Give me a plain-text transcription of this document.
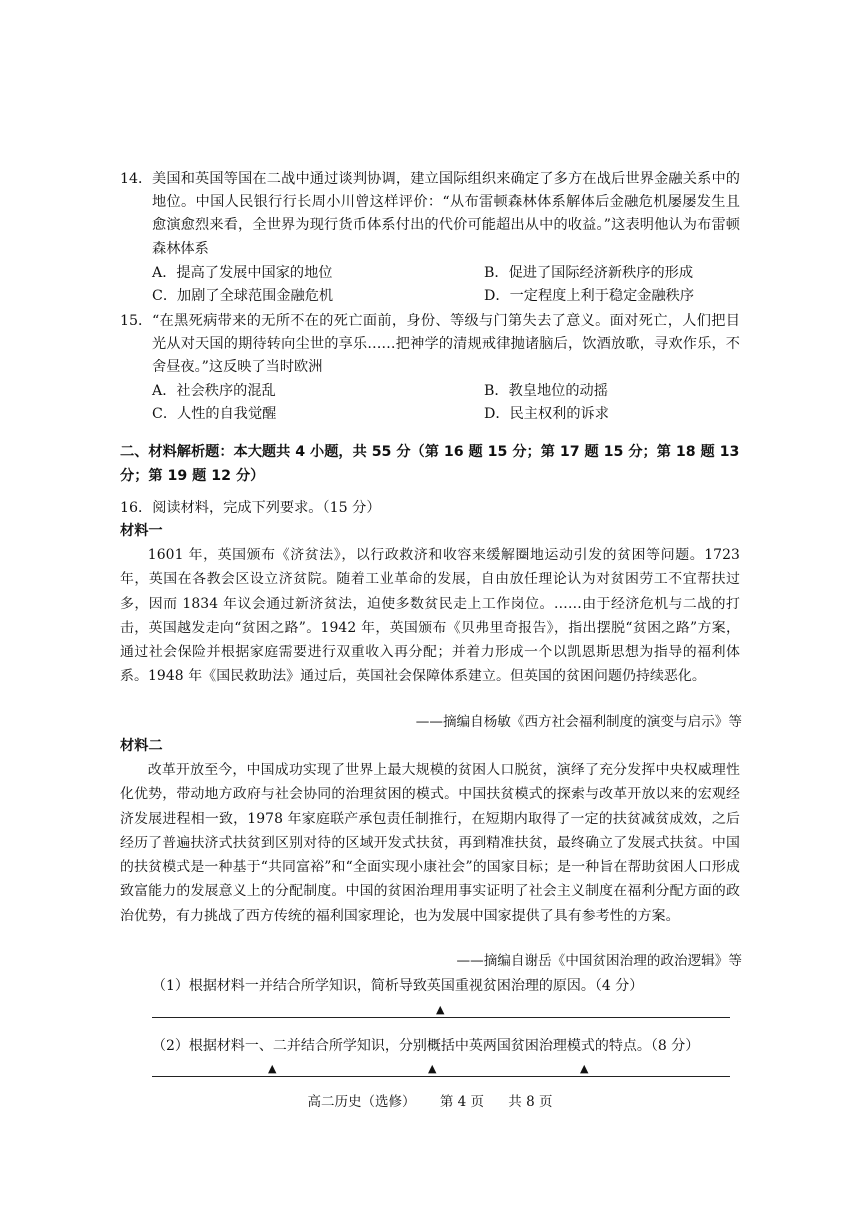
14． 美国和英国等国在二战中通过谈判协调，建立国际组织来确定了多方在战后世界金融关系中的地位。中国人民银行行长周小川曾这样评价：“从布雷顿森林体系解体后金融危机屡屡发生且愈演愈烈来看，全世界为现行货币体系付出的代价可能超出从中的收益。”这表明他认为布雷顿森林体系
A．提高了发展中国家的地位	B．促进了国际经济新秩序的形成
C．加剧了全球范围金融危机	D．一定程度上利于稳定金融秩序
15． “在黑死病带来的无所不在的死亡面前，身份、等级与门第失去了意义。面对死亡，人们把目光从对天国的期待转向尘世的享乐……把神学的清规戒律抛诸脑后，饮酒放歌，寻欢作乐，不舍昼夜。”这反映了当时欧洲
A．社会秩序的混乱	B．教皇地位的动摇
C．人性的自我觉醒	D．民主权利的诉求
二、材料解析题：本大题共 4 小题，共 55 分（第 16 题 15 分；第 17 题 15 分；第 18 题 13 分；第 19 题 12 分）
16．阅读材料，完成下列要求。（15 分）
材料一
1601 年，英国颁布《济贫法》，以行政救济和收容来缓解圈地运动引发的贫困等问题。1723 年，英国在各教会区设立济贫院。随着工业革命的发展，自由放任理论认为对贫困劳工不宜帮扶过多，因而 1834 年议会通过新济贫法，迫使多数贫民走上工作岗位。……由于经济危机与二战的打击，英国越发走向“贫困之路”。1942 年，英国颁布《贝弗里奇报告》，指出摆脱“贫困之路”方案，通过社会保险并根据家庭需要进行双重收入再分配；并着力形成一个以凯恩斯思想为指导的福利体系。1948 年《国民救助法》通过后，英国社会保障体系建立。但英国的贫困问题仍持续恶化。
——摘编自杨敏《西方社会福利制度的演变与启示》等
材料二
改革开放至今，中国成功实现了世界上最大规模的贫困人口脱贫，演绎了充分发挥中央权威理性化优势，带动地方政府与社会协同的治理贫困的模式。中国扶贫模式的探索与改革开放以来的宏观经济发展进程相一致，1978 年家庭联产承包责任制推行，在短期内取得了一定的扶贫减贫成效，之后经历了普遍扶济式扶贫到区别对待的区域开发式扶贫，再到精准扶贫，最终确立了发展式扶贫。中国的扶贫模式是一种基于“共同富裕”和“全面实现小康社会”的国家目标；是一种旨在帮助贫困人口形成致富能力的发展意义上的分配制度。中国的贫困治理用事实证明了社会主义制度在福利分配方面的政治优势，有力挑战了西方传统的福利国家理论，也为发展中国家提供了具有参考性的方案。
——摘编自谢岳《中国贫困治理的政治逻辑》等
（1）根据材料一并结合所学知识，简析导致英国重视贫困治理的原因。（4 分）
▲
（2）根据材料一、二并结合所学知识，分别概括中英两国贫困治理模式的特点。（8 分）
▲	▲	▲
高二历史（选修） 第 4 页 共 8 页
